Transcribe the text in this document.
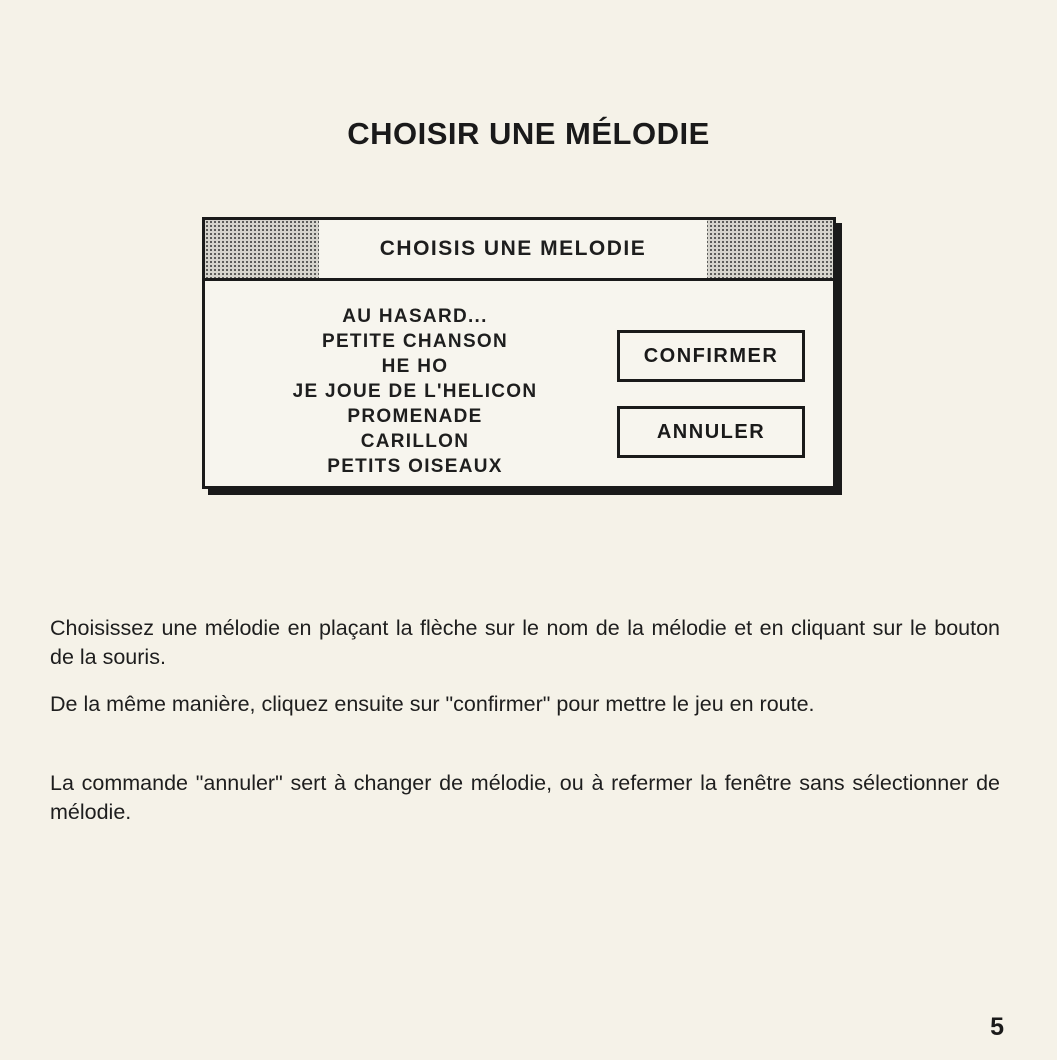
CHOISIR UNE MÉLODIE
CHOISIS UNE MELODIE
AU HASARD...
PETITE CHANSON
HE HO
JE JOUE DE L'HELICON
PROMENADE
CARILLON
PETITS OISEAUX
CONFIRMER
ANNULER

Choisissez une mélodie en plaçant la flèche sur le nom de la mélodie et en cliquant sur le bouton de la souris.

De la même manière, cliquez ensuite sur "confirmer" pour mettre le jeu en route.

La commande "annuler" sert à changer de mélodie, ou à refermer la fenêtre sans sélectionner de mélodie.

5
